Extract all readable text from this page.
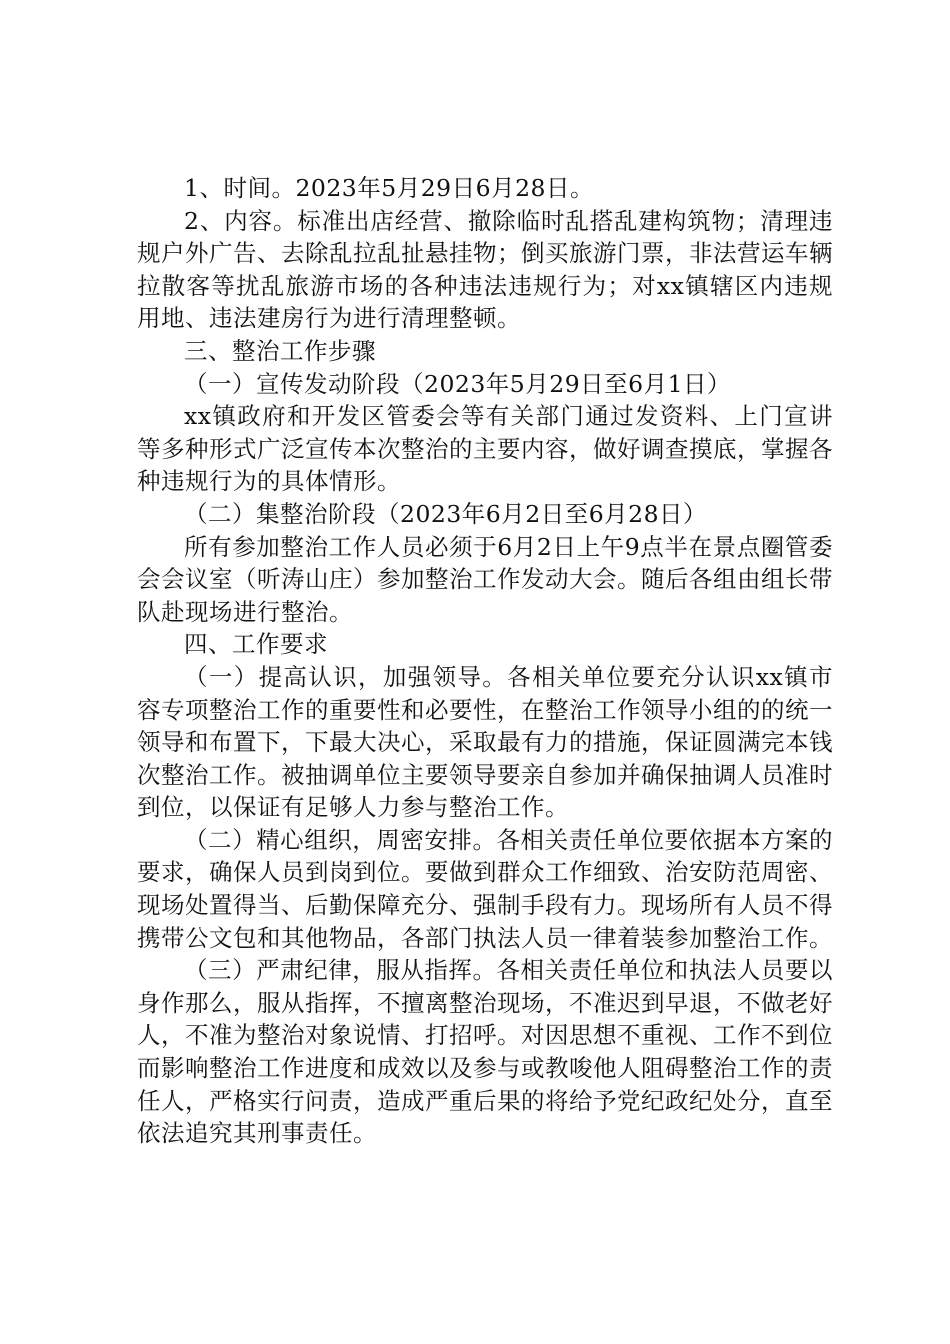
1、时间。2023年5月29日6月28日。

2、内容。标准出店经营、撤除临时乱搭乱建构筑物；清理违规户外广告、去除乱拉乱扯悬挂物；倒买旅游门票，非法营运车辆拉散客等扰乱旅游市场的各种违法违规行为；对xx镇辖区内违规用地、违法建房行为进行清理整顿。

三、整治工作步骤

（一）宣传发动阶段（2023年5月29日至6月1日）

xx镇政府和开发区管委会等有关部门通过发资料、上门宣讲等多种形式广泛宣传本次整治的主要内容，做好调查摸底，掌握各种违规行为的具体情形。

（二）集整治阶段（2023年6月2日至6月28日）

所有参加整治工作人员必须于6月2日上午9点半在景点圈管委会会议室（听涛山庄）参加整治工作发动大会。随后各组由组长带队赴现场进行整治。

四、工作要求

（一）提高认识，加强领导。各相关单位要充分认识xx镇市容专项整治工作的重要性和必要性，在整治工作领导小组的的统一领导和布置下，下最大决心，采取最有力的措施，保证圆满完本钱次整治工作。被抽调单位主要领导要亲自参加并确保抽调人员准时到位，以保证有足够人力参与整治工作。

（二）精心组织，周密安排。各相关责任单位要依据本方案的要求，确保人员到岗到位。要做到群众工作细致、治安防范周密、现场处置得当、后勤保障充分、强制手段有力。现场所有人员不得携带公文包和其他物品，各部门执法人员一律着装参加整治工作。

（三）严肃纪律，服从指挥。各相关责任单位和执法人员要以身作那么，服从指挥，不擅离整治现场，不准迟到早退，不做老好人，不准为整治对象说情、打招呼。对因思想不重视、工作不到位而影响整治工作进度和成效以及参与或教唆他人阻碍整治工作的责任人，严格实行问责，造成严重后果的将给予党纪政纪处分，直至依法追究其刑事责任。
